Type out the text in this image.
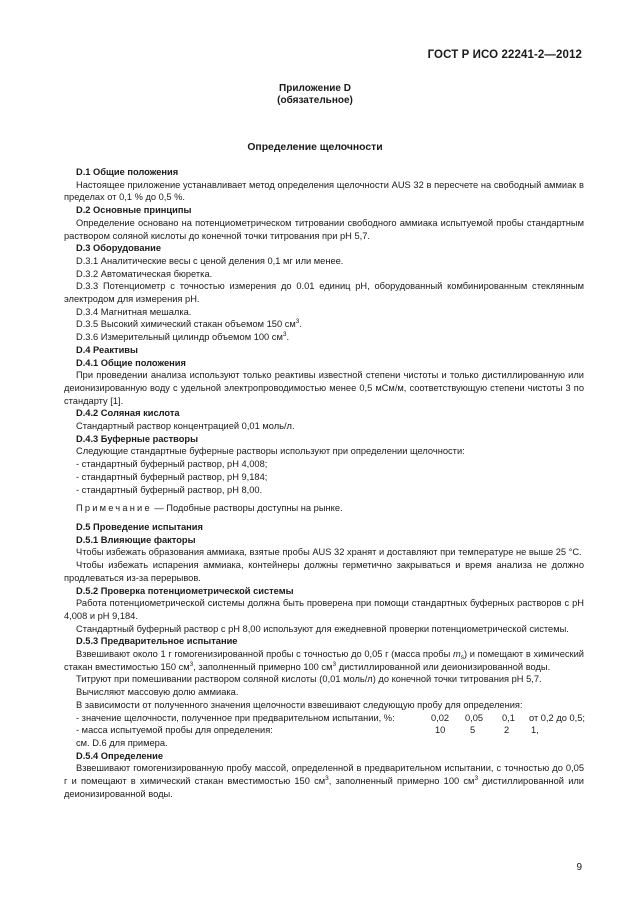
ГОСТ Р ИСО 22241-2—2012
Приложение D
(обязательное)
Определение щелочности

D.1 Общие положения

Настоящее приложение устанавливает метод определения щелочности AUS 32 в пересчете на свободный аммиак в пределах от 0,1 % до 0,5 %.

D.2 Основные принципы

Определение основано на потенциометрическом титровании свободного аммиака испытуемой пробы стандартным раствором соляной кислоты до конечной точки титрования при pH 5,7.

D.3 Оборудование

D.3.1 Аналитические весы с ценой деления 0,1 мг или менее.

D.3.2 Автоматическая бюретка.

D.3.3 Потенциометр с точностью измерения до 0.01 единиц pH, оборудованный комбинированным стеклянным электродом для измерения pH.

D.3.4 Магнитная мешалка.

D.3.5 Высокий химический стакан объемом 150 $см^3$.

D.3.6 Измерительный цилиндр объемом 100 $см^3$.

D.4 Реактивы

D.4.1 Общие положения

При проведении анализа используют только реактивы известной степени чистоты и только дистиллированную или деионизированную воду с удельной электропроводимостью менее 0,5 мСм/м, соответствующую степени чистоты 3 по стандарту [1].

D.4.2 Соляная кислота

Стандартный раствор концентрацией 0,01 моль/л.

D.4.3 Буферные растворы

Следующие стандартные буферные растворы используют при определении щелочности:

- стандартный буферный раствор, pH 4,008;

- стандартный буферный раствор, pH 9,184;

- стандартный буферный раствор, pH 8,00.

Примечание — Подобные растворы доступны на рынке.

D.5 Проведение испытания

D.5.1 Влияющие факторы

Чтобы избежать образования аммиака, взятые пробы AUS 32 хранят и доставляют при температуре не выше 25 °С.

Чтобы избежать испарения аммиака, контейнеры должны герметично закрываться и время анализа не должно продлеваться из-за перерывов.

D.5.2 Проверка потенциометрической системы

Работа потенциометрической системы должна быть проверена при помощи стандартных буферных растворов с pH 4,008 и pH 9,184.

Стандартный буферный раствор с pH 8,00 используют для ежедневной проверки потенциометрической системы.

D.5.3 Предварительное испытание

Взвешивают около 1 г гомогенизированной пробы с точностью до 0,05 г (масса пробы $m_s$) и помещают в химический стакан вместимостью 150 $см^3$, заполненный примерно 100 $см^3$ дистиллированной или деионизированной воды.

Титруют при помешивании раствором соляной кислоты (0,01 моль/л) до конечной точки титрования pH 5,7.

Вычисляют массовую долю аммиака.

В зависимости от полученного значения щелочности взвешивают следующую пробу для определения:

- значение щелочности, полученное при предварительном испытании, %:	0,02 0,05 0,1 от 0,2 до 0,5;
- масса испытуемой пробы для определения:	10	5	2 1,

см. D.6 для примера.

D.5.4 Определение

Взвешивают гомогенизированную пробу массой, определенной в предварительном испытании, с точностью до 0,05 г и помещают в химический стакан вместимостью 150 $см^3$, заполненный примерно 100 $см^3$ дистиллированной или деионизированной воды.

9
